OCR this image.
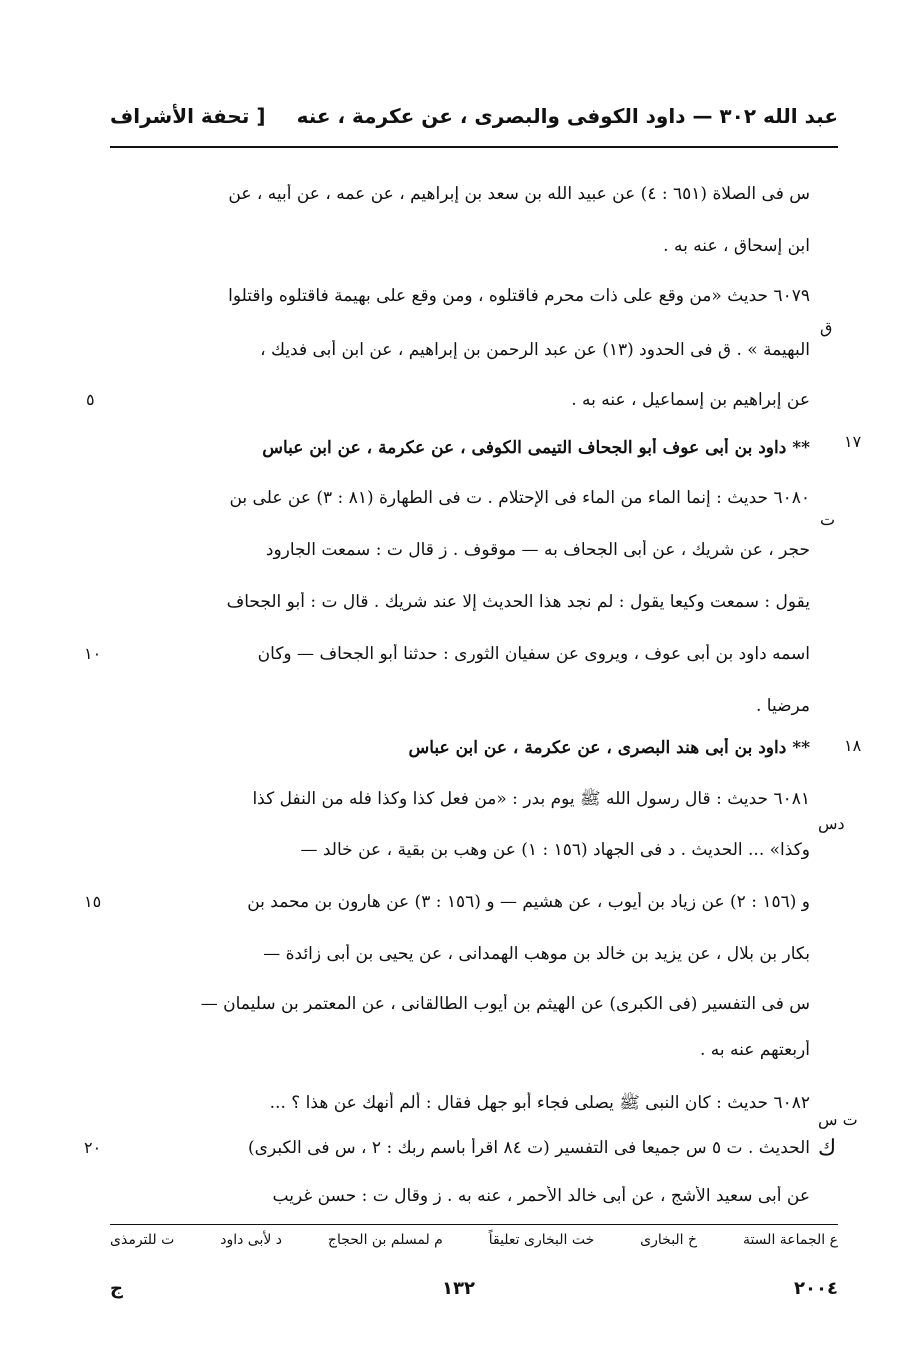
عبد الله ٣٠٢ — داود الكوفى والبصرى ، عن عكرمة ، عنه
[ تحفة الأشراف
س فى الصلاة (٦٥١ : ٤) عن عبيد الله بن سعد بن إبراهيم ، عن عمه ، عن أبيه ، عن
ابن إسحاق ، عنه به .
٦٠٧٩ حديث «من وقع على ذات محرم فاقتلوه ، ومن وقع على بهيمة فاقتلوه واقتلوا
البهيمة » . ق فى الحدود (١٣) عن عبد الرحمن بن إبراهيم ، عن ابن أبى فديك ،
عن إبراهيم بن إسماعيل ، عنه به .
** داود بن أبى عوف أبو الجحاف التيمى الكوفى ، عن عكرمة ، عن ابن عباس
٦٠٨٠ حديث : إنما الماء من الماء فى الإحتلام . ت فى الطهارة (٨١ : ٣) عن على بن
حجر ، عن شريك ، عن أبى الجحاف به — موقوف . ز قال ت : سمعت الجارود
يقول : سمعت وكيعا يقول : لم نجد هذا الحديث إلا عند شريك . قال ت : أبو الجحاف
اسمه داود بن أبى عوف ، ويروى عن سفيان الثورى : حدثنا أبو الجحاف — وكان
مرضيا .
** داود بن أبى هند البصرى ، عن عكرمة ، عن ابن عباس
٦٠٨١ حديث : قال رسول الله ﷺ يوم بدر : «من فعل كذا وكذا فله من النفل كذا
وكذا» ... الحديث . د فى الجهاد (١٥٦ : ١) عن وهب بن بقية ، عن خالد —
و (١٥٦ : ٢) عن زياد بن أيوب ، عن هشيم — و (١٥٦ : ٣) عن هارون بن محمد بن
بكار بن بلال ، عن يزيد بن خالد بن موهب الهمدانى ، عن يحيى بن أبى زائدة —
س فى التفسير (فى الكبرى) عن الهيثم بن أيوب الطالقانى ، عن المعتمر بن سليمان —
أربعتهم عنه به .
٦٠٨٢ حديث : كان النبى ﷺ يصلى فجاء أبو جهل فقال : ألم أنهك عن هذا ؟ ...
الحديث . ت ٥ س جميعا فى التفسير (ت ٨٤ اقرأ باسم ربك : ٢ ، س فى الكبرى)
عن أبى سعيد الأشج ، عن أبى خالد الأحمر ، عنه به . ز وقال ت : حسن غريب
ق
٥
١٧
ت
١٠
١٨
دس
١٥
ت س
ك
٢٠
ع الجماعة الستة
خ البخارى
خت البخارى تعليقاً
م لمسلم بن الحجاج
د لأبى داود
ت للترمذى
٢٠٠٤
١٣٢
ج
